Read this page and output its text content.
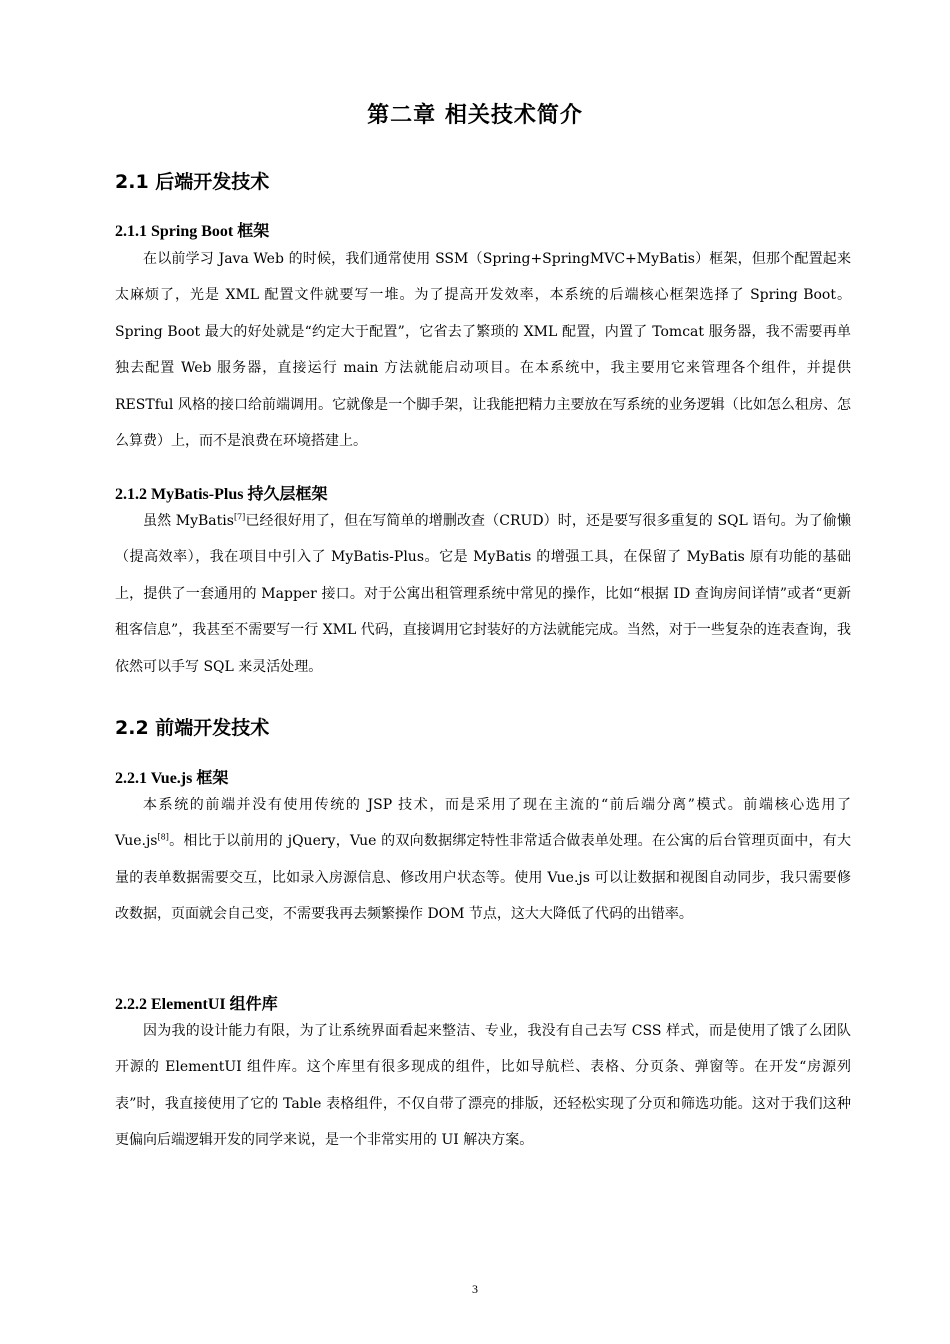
第二章 相关技术简介
2.1 后端开发技术
2.1.1 Spring Boot 框架

在以前学习 Java Web 的时候，我们通常使用 SSM（Spring+SpringMVC+MyBatis）框架，但那个配置起来太麻烦了，光是 XML 配置文件就要写一堆。为了提高开发效率，本系统的后端核心框架选择了 Spring Boot。Spring Boot 最大的好处就是“约定大于配置”，它省去了繁琐的 XML 配置，内置了 Tomcat 服务器，我不需要再单独去配置 Web 服务器，直接运行 main 方法就能启动项目。在本系统中，我主要用它来管理各个组件，并提供 RESTful 风格的接口给前端调用。它就像是一个脚手架，让我能把精力主要放在写系统的业务逻辑（比如怎么租房、怎么算费）上，而不是浪费在环境搭建上。

2.1.2 MyBatis-Plus 持久层框架

虽然 MyBatis[7]已经很好用了，但在写简单的增删改查（CRUD）时，还是要写很多重复的 SQL 语句。为了偷懒（提高效率），我在项目中引入了 MyBatis-Plus。它是 MyBatis 的增强工具，在保留了 MyBatis 原有功能的基础上，提供了一套通用的 Mapper 接口。对于公寓出租管理系统中常见的操作，比如“根据 ID 查询房间详情”或者“更新租客信息”，我甚至不需要写一行 XML 代码，直接调用它封装好的方法就能完成。当然，对于一些复杂的连表查询，我依然可以手写 SQL 来灵活处理。

2.2 前端开发技术
2.2.1 Vue.js 框架

本系统的前端并没有使用传统的 JSP 技术，而是采用了现在主流的“前后端分离”模式。前端核心选用了 Vue.js[8]。相比于以前用的 jQuery，Vue 的双向数据绑定特性非常适合做表单处理。在公寓的后台管理页面中，有大量的表单数据需要交互，比如录入房源信息、修改用户状态等。使用 Vue.js 可以让数据和视图自动同步，我只需要修改数据，页面就会自己变，不需要我再去频繁操作 DOM 节点，这大大降低了代码的出错率。

2.2.2 ElementUI 组件库

因为我的设计能力有限，为了让系统界面看起来整洁、专业，我没有自己去写 CSS 样式，而是使用了饿了么团队开源的 ElementUI 组件库。这个库里有很多现成的组件，比如导航栏、表格、分页条、弹窗等。在开发“房源列表”时，我直接使用了它的 Table 表格组件，不仅自带了漂亮的排版，还轻松实现了分页和筛选功能。这对于我们这种更偏向后端逻辑开发的同学来说，是一个非常实用的 UI 解决方案。

3
